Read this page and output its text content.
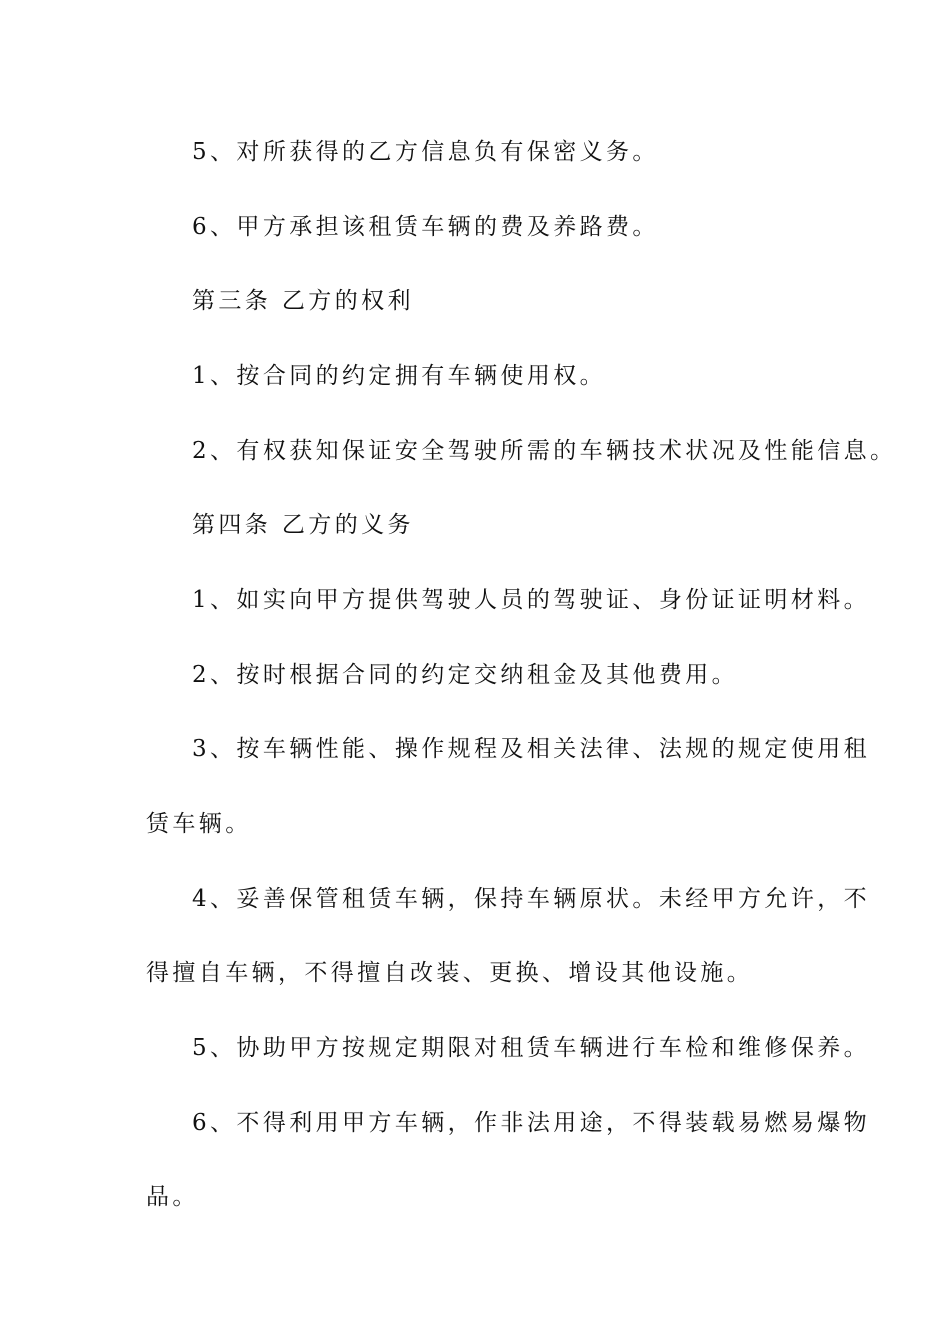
5、对所获得的乙方信息负有保密义务。
6、甲方承担该租赁车辆的费及养路费。
第三条 乙方的权利
1、按合同的约定拥有车辆使用权。
2、有权获知保证安全驾驶所需的车辆技术状况及性能信息。
第四条 乙方的义务
1、如实向甲方提供驾驶人员的驾驶证、身份证证明材料。
2、按时根据合同的约定交纳租金及其他费用。
3、按车辆性能、操作规程及相关法律、法规的规定使用租
赁车辆。
4、妥善保管租赁车辆，保持车辆原状。未经甲方允许，不
得擅自车辆，不得擅自改装、更换、增设其他设施。
5、协助甲方按规定期限对租赁车辆进行车检和维修保养。
6、不得利用甲方车辆，作非法用途，不得装载易燃易爆物
品。
